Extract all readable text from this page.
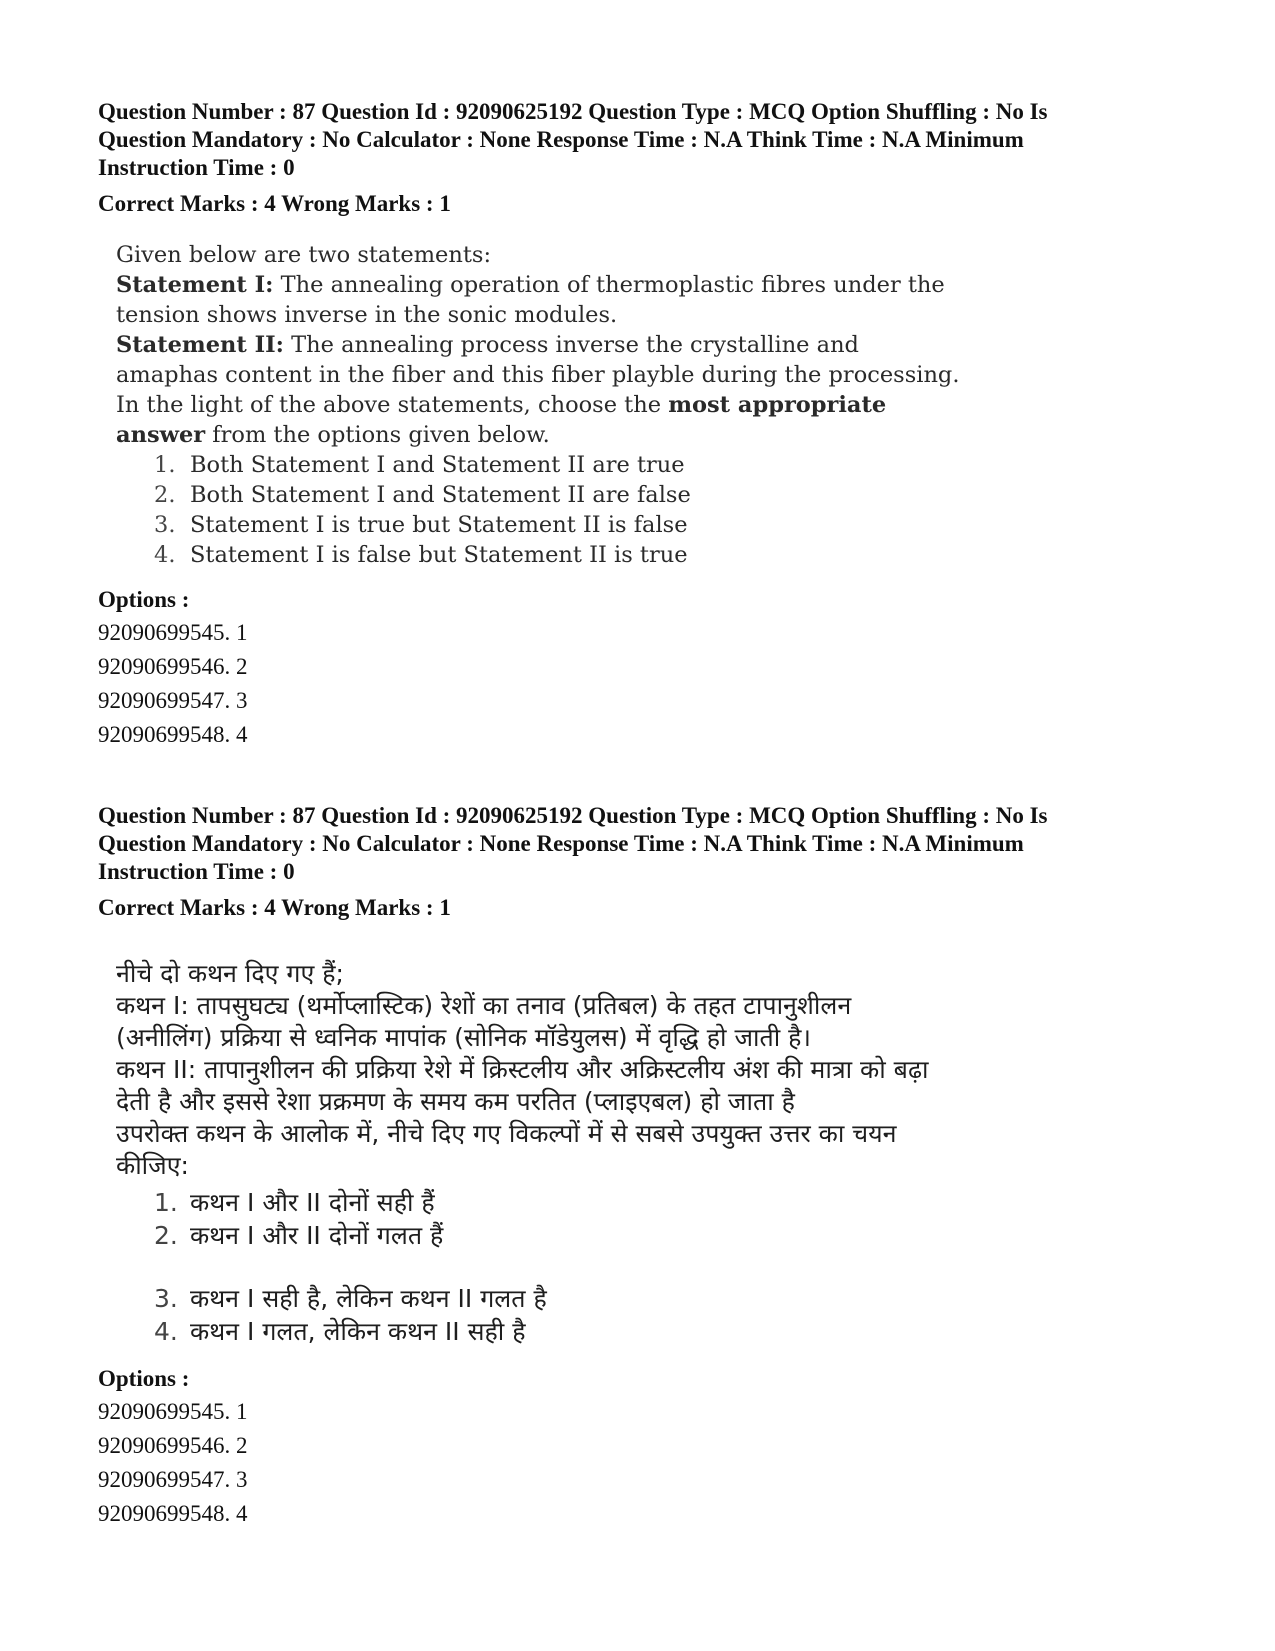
Question Number : 87 Question Id : 92090625192 Question Type : MCQ Option Shuffling : No Is

Question Mandatory : No Calculator : None Response Time : N.A Think Time : N.A Minimum

Instruction Time : 0

Correct Marks : 4 Wrong Marks : 1

Given below are two statements:

Statement I: The annealing operation of thermoplastic fibres under the

tension shows inverse in the sonic modules.

Statement II: The annealing process inverse the crystalline and

amaphas content in the fiber and this fiber playble during the processing.

In the light of the above statements, choose the most appropriate

answer from the options given below.

1. Both Statement I and Statement II are true
2. Both Statement I and Statement II are false
3. Statement I is true but Statement II is false
4. Statement I is false but Statement II is true
Options :
92090699545. 1
92090699546. 2
92090699547. 3
92090699548. 4

Question Number : 87 Question Id : 92090625192 Question Type : MCQ Option Shuffling : No Is

Question Mandatory : No Calculator : None Response Time : N.A Think Time : N.A Minimum

Instruction Time : 0

Correct Marks : 4 Wrong Marks : 1

नीचे दो कथन दिए गए हैं;

कथन I: तापसुघट्य (थर्मोप्लास्टिक) रेशों का तनाव (प्रतिबल) के तहत टापानुशीलन

(अनीलिंग) प्रक्रिया से ध्वनिक मापांक (सोनिक मॉडेयुलस) में वृद्धि हो जाती है।

कथन II: तापानुशीलन की प्रक्रिया रेशे में क्रिस्टलीय और अक्रिस्टलीय अंश की मात्रा को बढ़ा

देती है और इससे रेशा प्रक्रमण के समय कम परतित (प्लाइएबल) हो जाता है

उपरोक्त कथन के आलोक में, नीचे दिए गए विकल्पों में से सबसे उपयुक्त उत्तर का चयन

कीजिए:

1. कथन I और II दोनों सही हैं
2. कथन I और II दोनों गलत हैं
3. कथन I सही है, लेकिन कथन II गलत है
4. कथन I गलत, लेकिन कथन II सही है
Options :
92090699545. 1
92090699546. 2
92090699547. 3
92090699548. 4
